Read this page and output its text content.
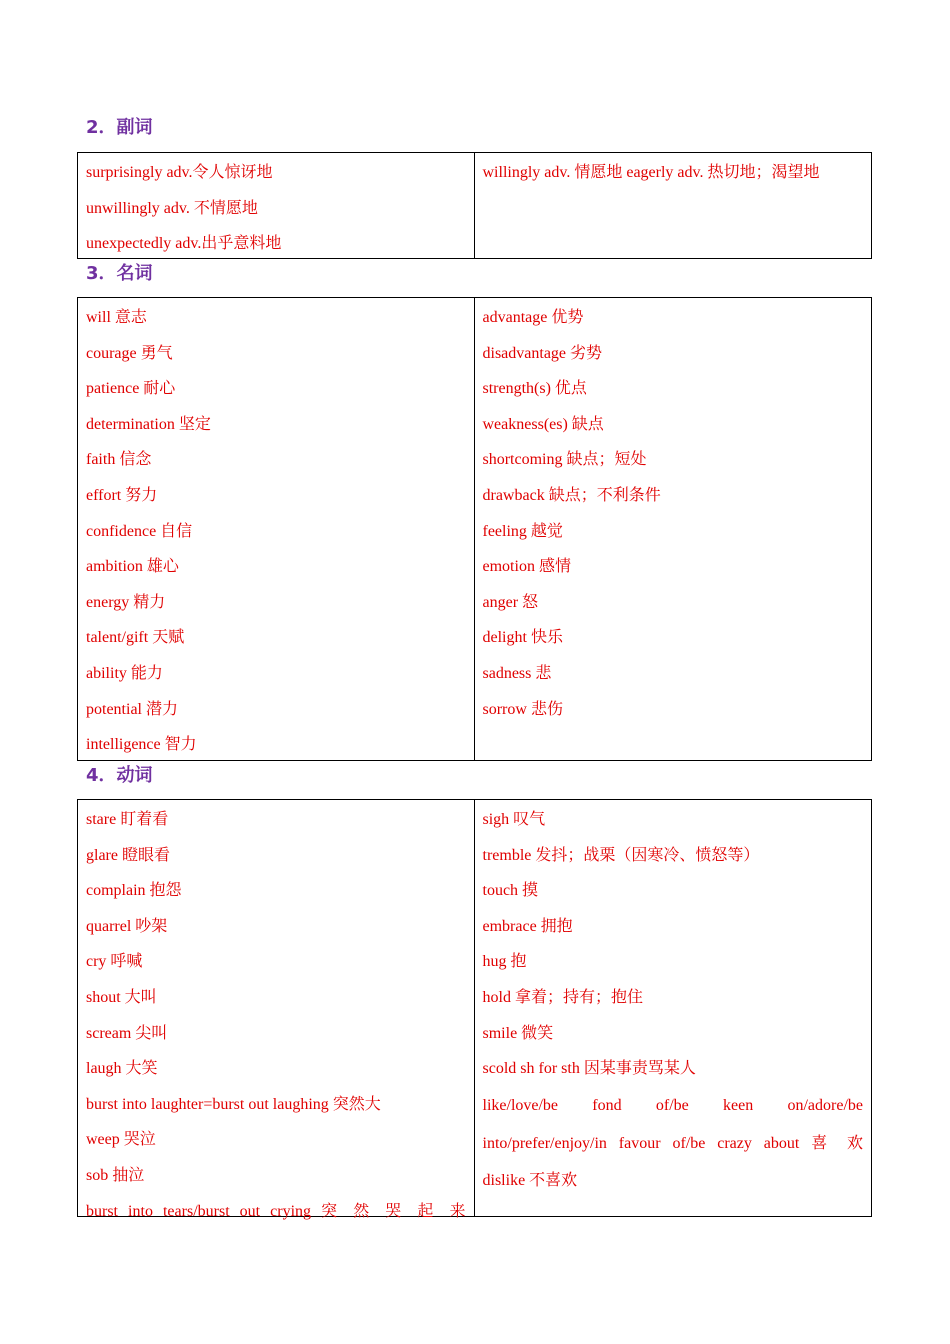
2．副词
surprisingly adv.令人惊讶地
unwillingly adv. 不情愿地
unexpectedly adv.出乎意料地
willingly adv. 情愿地 eagerly adv. 热切地；渴望地
3．名词
will 意志
courage 勇气
patience 耐心
determination 坚定
faith 信念
effort 努力
confidence 自信
ambition 雄心
energy 精力
talent/gift 天赋
ability 能力
potential 潜力
intelligence 智力
advantage 优势
disadvantage 劣势
strength(s) 优点
weakness(es) 缺点
shortcoming 缺点；短处
drawback 缺点；不利条件
feeling 越觉
emotion 感情
anger 怒
delight 快乐
sadness 悲
sorrow 悲伤
4．动词
stare 盯着看
glare 瞪眼看
complain 抱怨
quarrel 吵架
cry 呼喊
shout 大叫
scream 尖叫
laugh 大笑
burst into laughter=burst out laughing 突然大
weep 哭泣
sob 抽泣
burst into tears/burst out crying 突 然 哭 起 来
sigh 叹气
tremble 发抖；战栗（因寒冷、愤怒等）
touch 摸
embrace 拥抱
hug 抱
hold 拿着；持有；抱住
smile 微笑
scold sh for sth 因某事责骂某人
like/love/be fond of/be keen on/adore/be into/prefer/enjoy/in favour of/be crazy about 喜 欢
dislike 不喜欢
